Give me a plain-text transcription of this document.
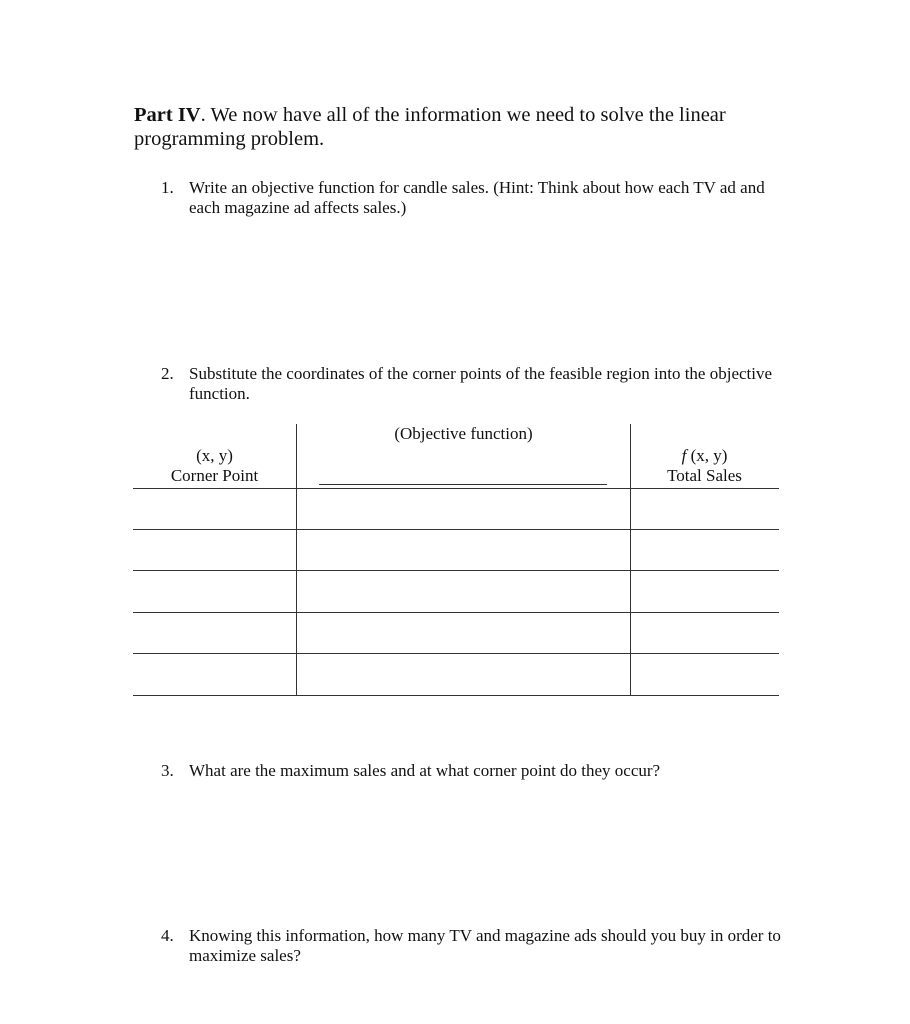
Part IV. We now have all of the information we need to solve the linear programming problem.
1. Write an objective function for candle sales. (Hint: Think about how each TV ad and each magazine ad affects sales.)
2. Substitute the coordinates of the corner points of the feasible region into the objective function.
(x, y)
Corner Point
(Objective function)
f (x, y)
Total Sales
3. What are the maximum sales and at what corner point do they occur?
4. Knowing this information, how many TV and magazine ads should you buy in order to maximize sales?
